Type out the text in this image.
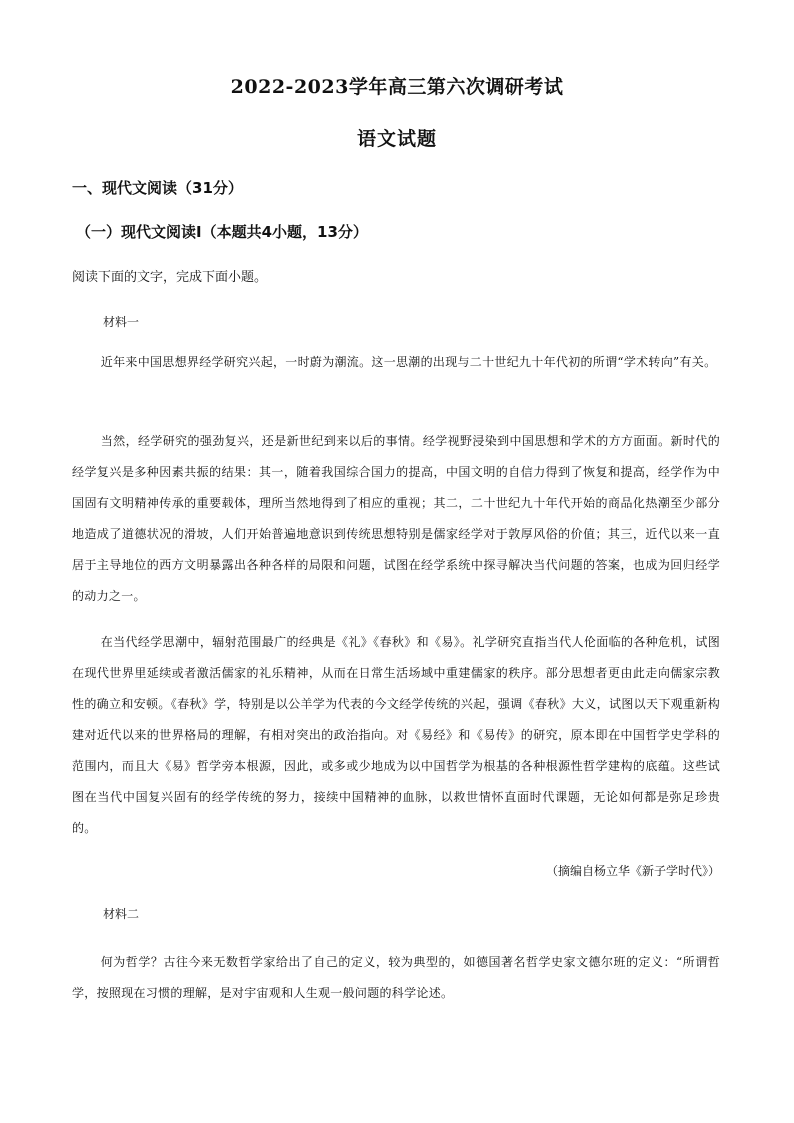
2022-2023学年高三第六次调研考试
语文试题
一、现代文阅读（31分）
（一）现代文阅读Ⅰ（本题共4小题，13分）
阅读下面的文字，完成下面小题。
材料一

近年来中国思想界经学研究兴起，一时蔚为潮流。这一思潮的出现与二十世纪九十年代初的所谓“学术转向”有关。

当然，经学研究的强劲复兴，还是新世纪到来以后的事情。经学视野浸染到中国思想和学术的方方面面。新时代的经学复兴是多种因素共振的结果：其一，随着我国综合国力的提高，中国文明的自信力得到了恢复和提高，经学作为中国固有文明精神传承的重要载体，理所当然地得到了相应的重视；其二，二十世纪九十年代开始的商品化热潮至少部分地造成了道德状况的滑坡，人们开始普遍地意识到传统思想特别是儒家经学对于敦厚风俗的价值；其三，近代以来一直居于主导地位的西方文明暴露出各种各样的局限和问题，试图在经学系统中探寻解决当代问题的答案，也成为回归经学的动力之一。

在当代经学思潮中，辐射范围最广的经典是《礼》《春秋》和《易》。礼学研究直指当代人伦面临的各种危机，试图在现代世界里延续或者激活儒家的礼乐精神，从而在日常生活场域中重建儒家的秩序。部分思想者更由此走向儒家宗教性的确立和安顿。《春秋》学，特别是以公羊学为代表的今文经学传统的兴起，强调《春秋》大义，试图以天下观重新构建对近代以来的世界格局的理解，有相对突出的政治指向。对《易经》和《易传》的研究，原本即在中国哲学史学科的范围内，而且大《易》哲学旁本根源，因此，或多或少地成为以中国哲学为根基的各种根源性哲学建构的底蕴。这些试图在当代中国复兴固有的经学传统的努力，接续中国精神的血脉，以救世情怀直面时代课题，无论如何都是弥足珍贵的。

（摘编自杨立华《新子学时代》）
材料二

何为哲学？古往今来无数哲学家给出了自己的定义，较为典型的，如德国著名哲学史家文德尔班的定义：“所谓哲学，按照现在习惯的理解，是对宇宙观和人生观一般问题的科学论述。
